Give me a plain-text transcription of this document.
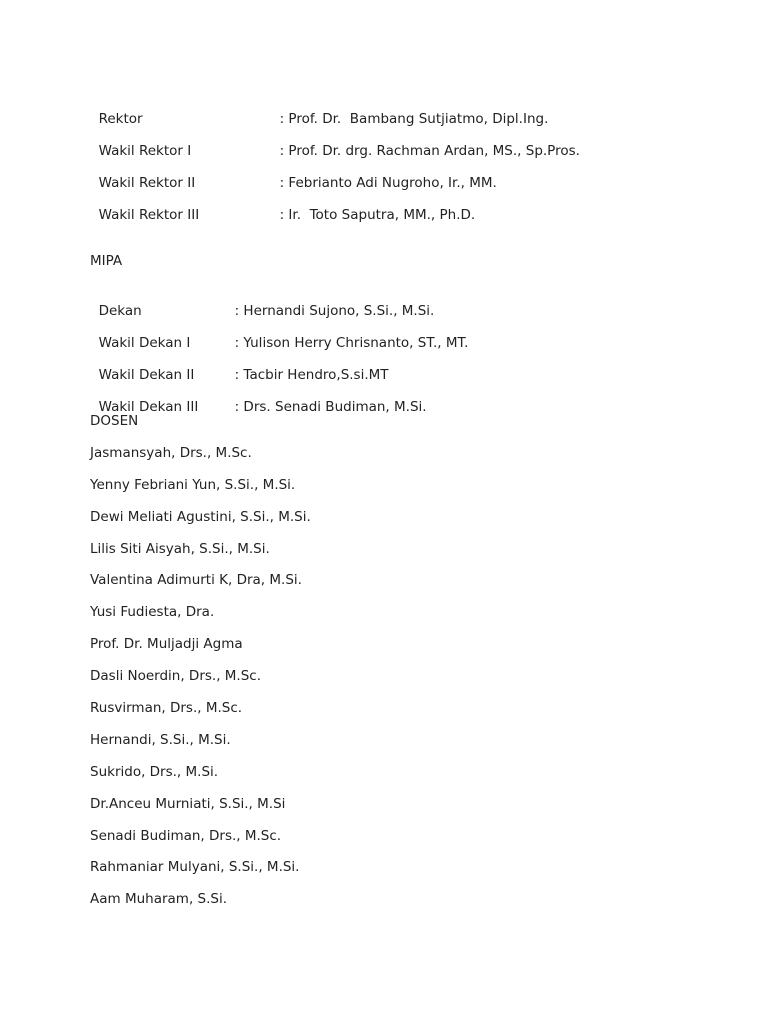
Rektor	: Prof. Dr.  Bambang Sutjiatmo, Dipl.Ing.

Wakil Rektor I	: Prof. Dr. drg. Rachman Ardan, MS., Sp.Pros.

Wakil Rektor II	: Febrianto Adi Nugroho, Ir., MM.

Wakil Rektor III	: Ir.  Toto Saputra, MM., Ph.D.

MIPA

Dekan	: Hernandi Sujono, S.Si., M.Si.

Wakil Dekan I	: Yulison Herry Chrisnanto, ST., MT.

Wakil Dekan II	: Tacbir Hendro,S.si.MT

Wakil Dekan III	: Drs. Senadi Budiman, M.Si.

DOSEN
Jasmansyah, Drs., M.Sc.
Yenny Febriani Yun, S.Si., M.Si.
Dewi Meliati Agustini, S.Si., M.Si.
Lilis Siti Aisyah, S.Si., M.Si.
Valentina Adimurti K, Dra, M.Si.
Yusi Fudiesta, Dra.
Prof. Dr. Muljadji Agma
Dasli Noerdin, Drs., M.Sc.
Rusvirman, Drs., M.Sc.
Hernandi, S.Si., M.Si.
Sukrido, Drs., M.Si.
Dr.Anceu Murniati, S.Si., M.Si
Senadi Budiman, Drs., M.Sc.
Rahmaniar Mulyani, S.Si., M.Si.
Aam Muharam, S.Si.
